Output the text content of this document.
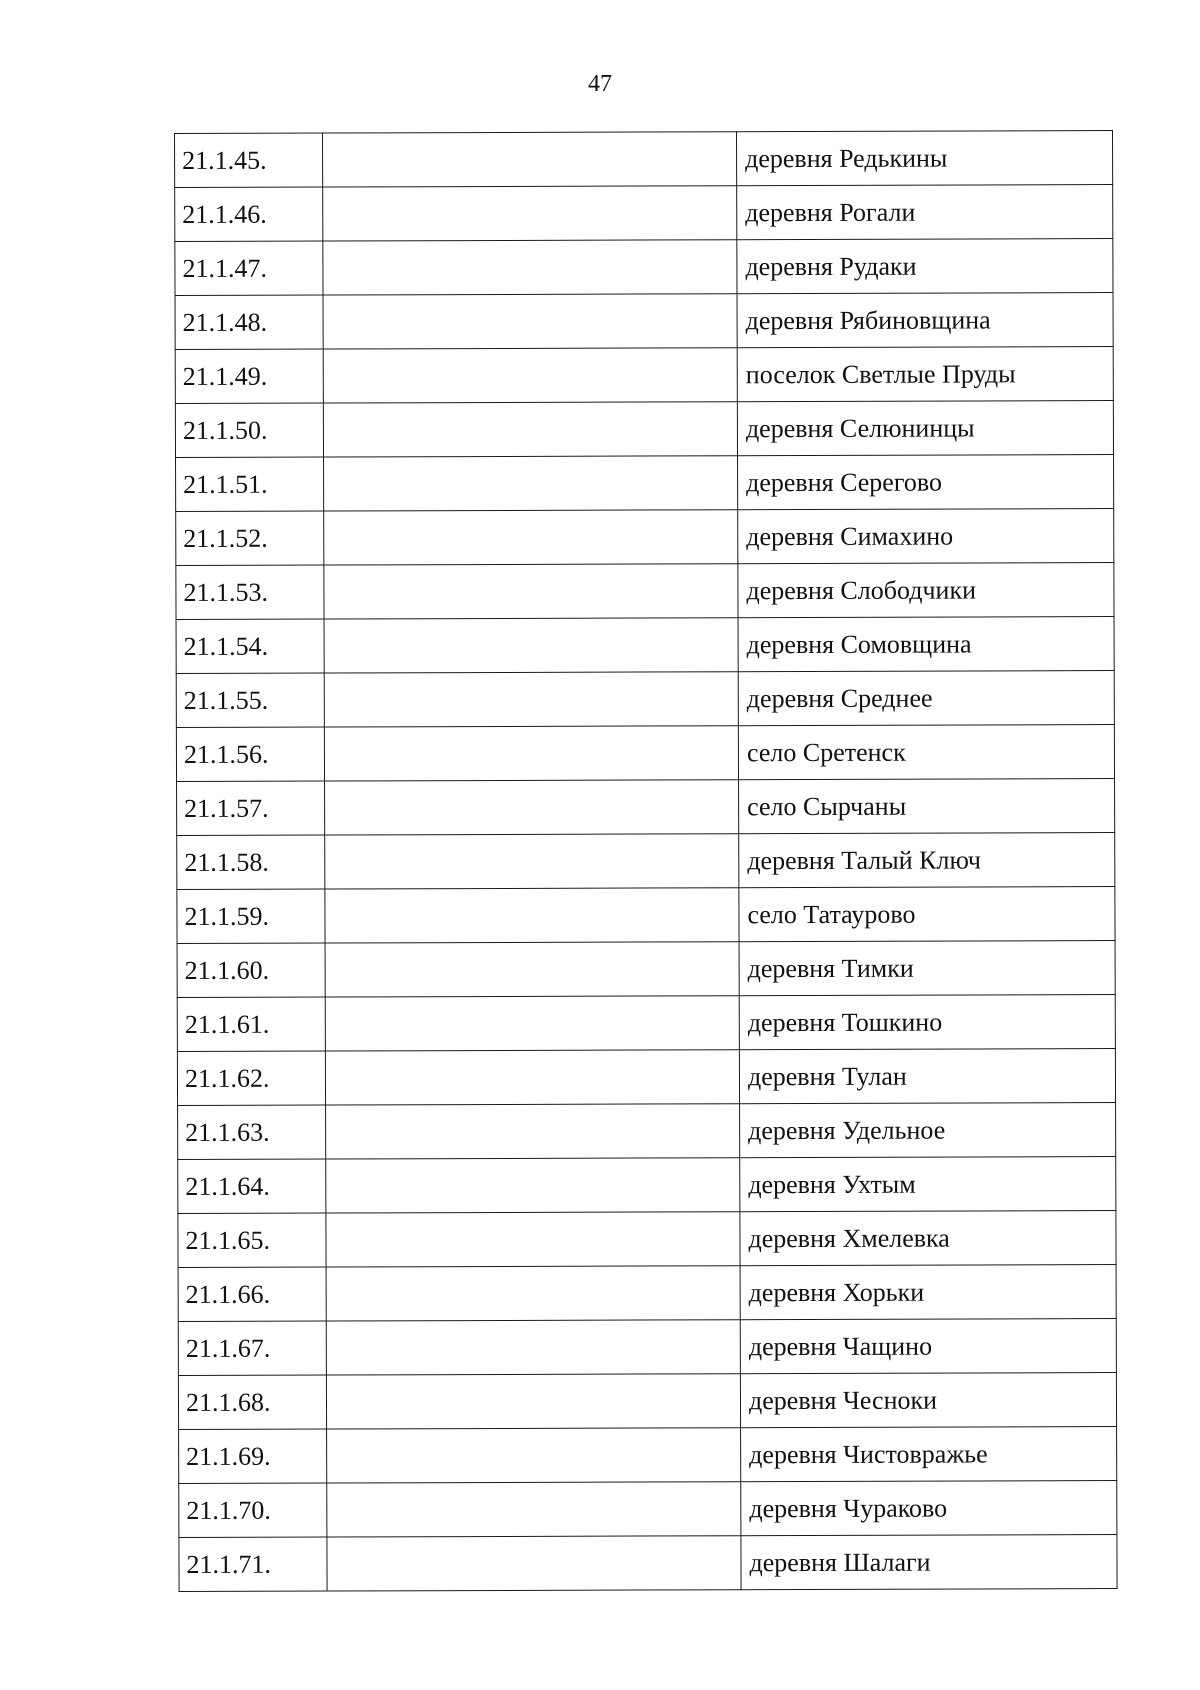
47
21.1.45.		деревня Редькины
21.1.46.		деревня Рогали
21.1.47.		деревня Рудаки
21.1.48.		деревня Рябиновщина
21.1.49.		поселок Светлые Пруды
21.1.50.		деревня Селюнинцы
21.1.51.		деревня Серегово
21.1.52.		деревня Симахино
21.1.53.		деревня Слободчики
21.1.54.		деревня Сомовщина
21.1.55.		деревня Среднее
21.1.56.		село Сретенск
21.1.57.		село Сырчаны
21.1.58.		деревня Талый Ключ
21.1.59.		село Татаурово
21.1.60.		деревня Тимки
21.1.61.		деревня Тошкино
21.1.62.		деревня Тулан
21.1.63.		деревня Удельное
21.1.64.		деревня Ухтым
21.1.65.		деревня Хмелевка
21.1.66.		деревня Хорьки
21.1.67.		деревня Чащино
21.1.68.		деревня Чесноки
21.1.69.		деревня Чистовражье
21.1.70.		деревня Чураково
21.1.71.		деревня Шалаги
